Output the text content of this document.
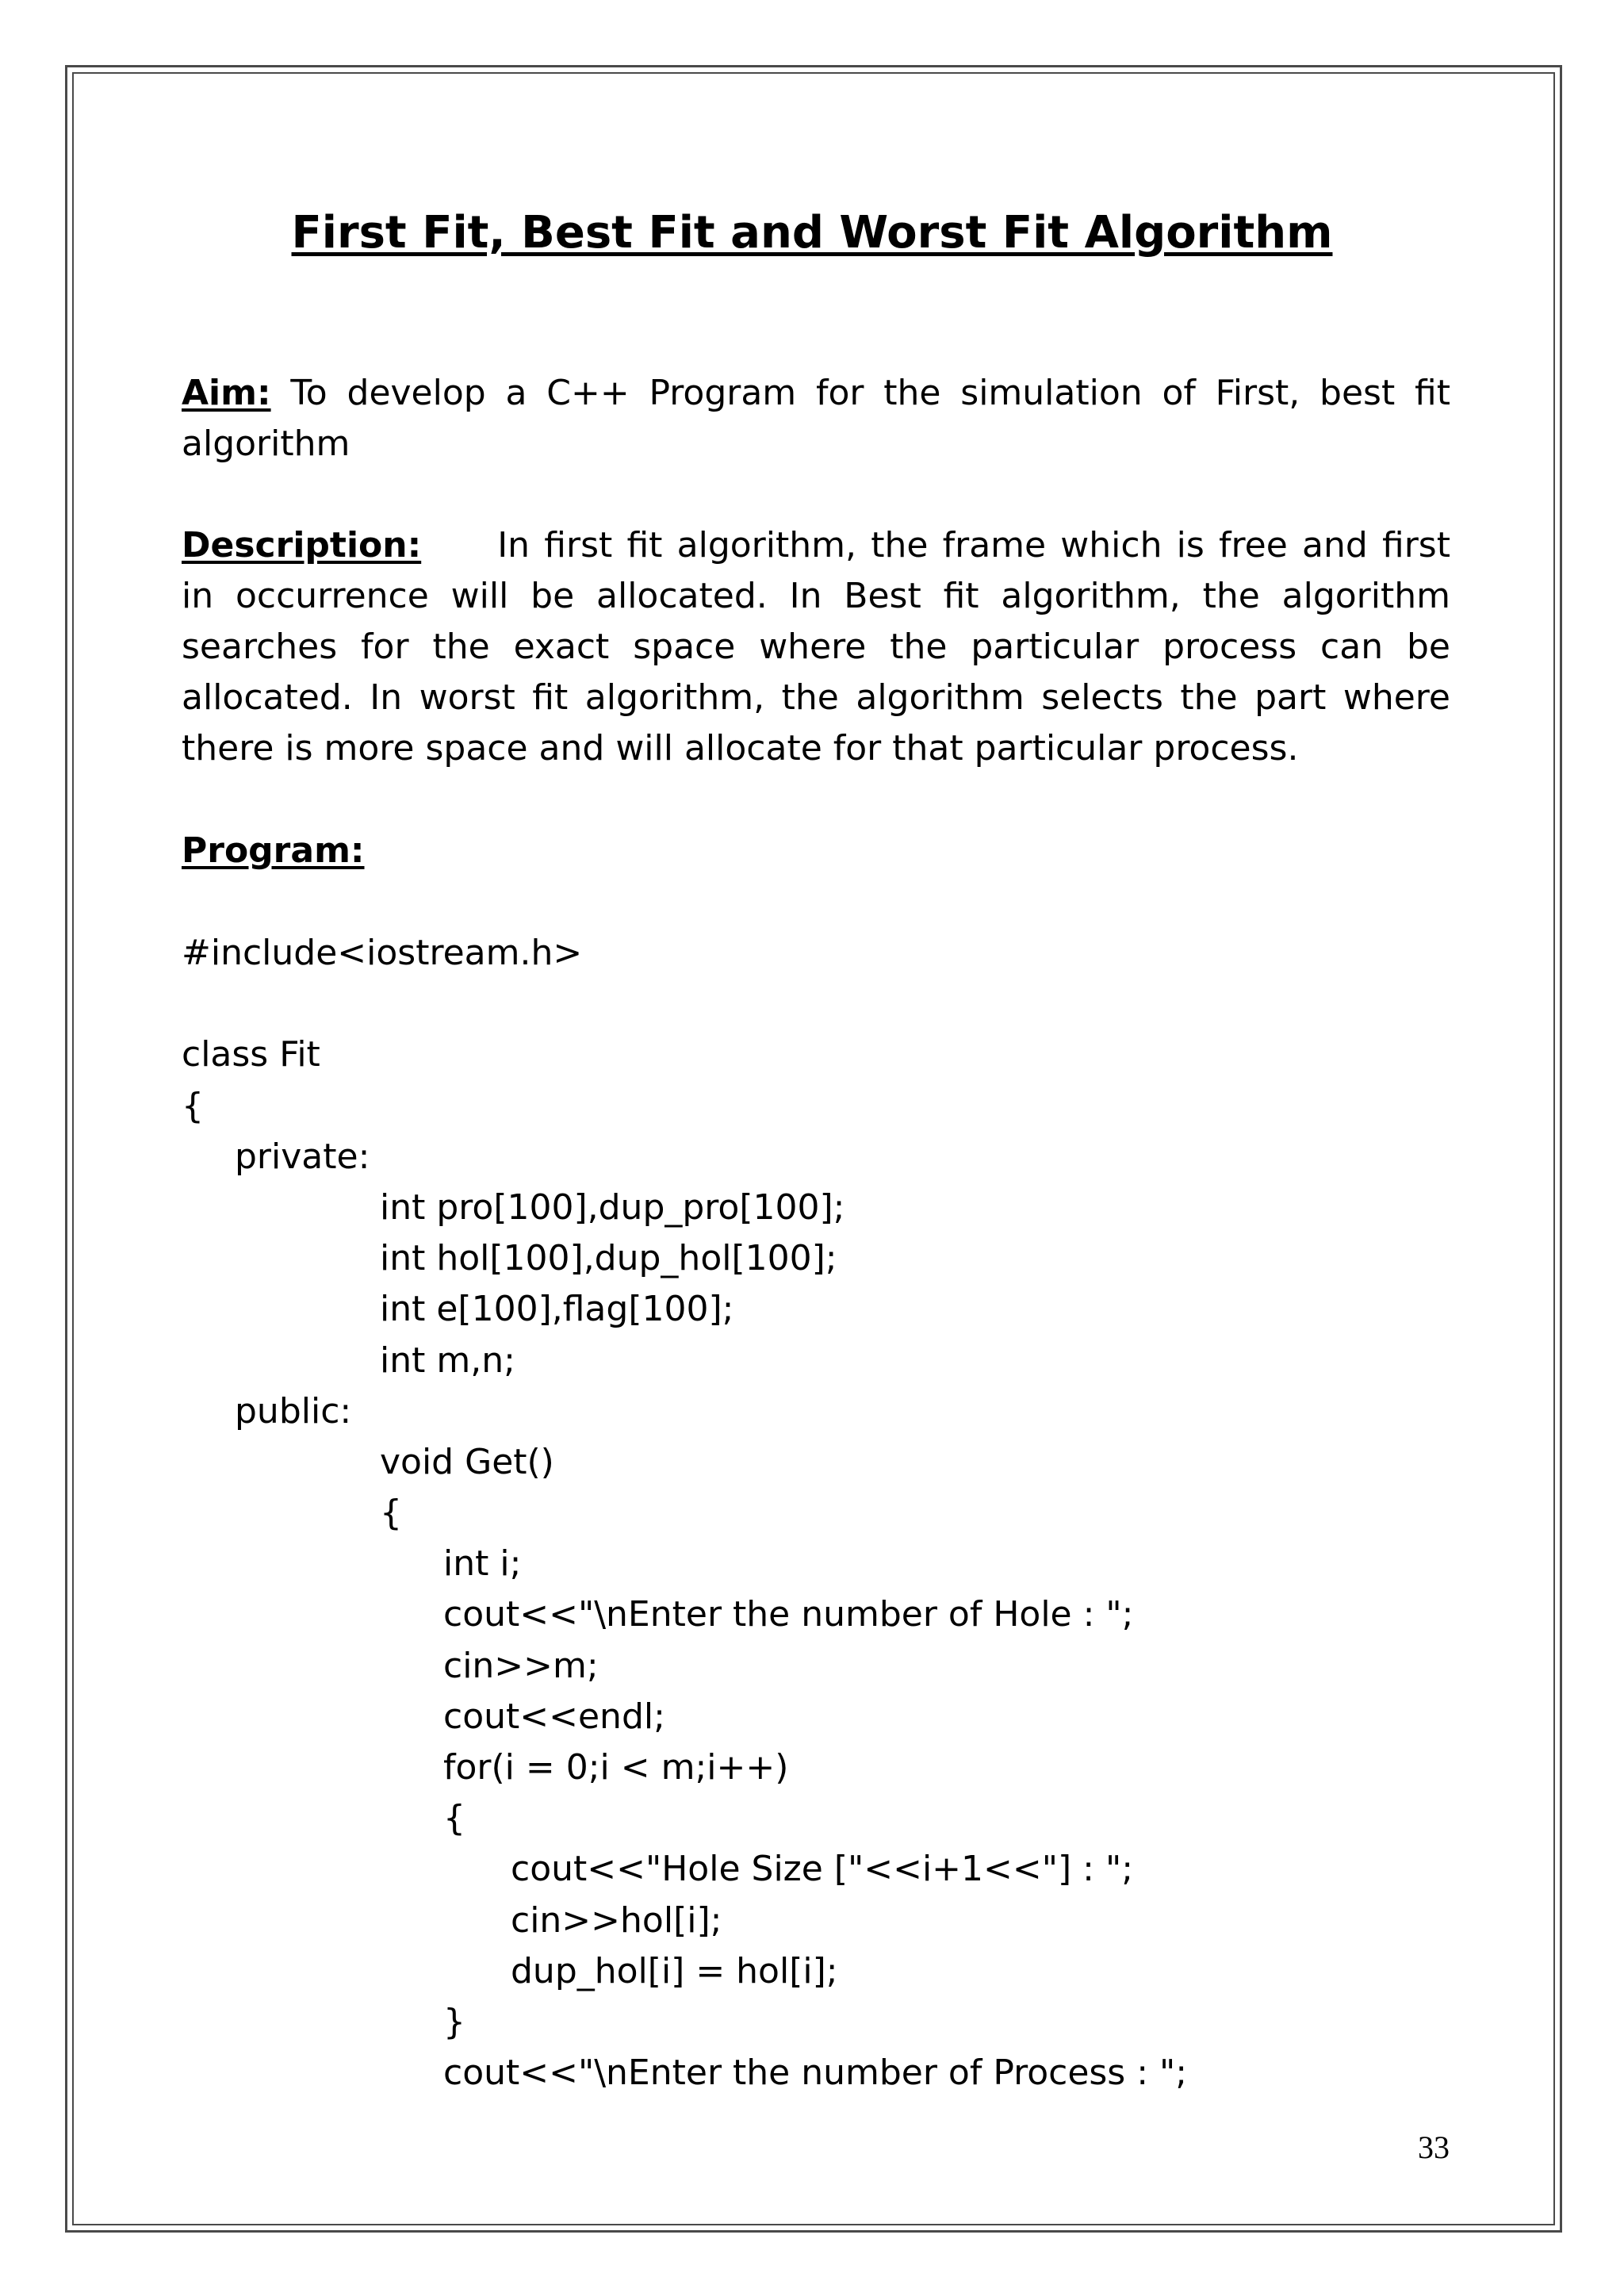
First Fit, Best Fit and Worst Fit Algorithm

Aim: To develop a C++ Program for the simulation of First, best fit algorithm

Description: In first fit algorithm, the frame which is free and first in occurrence will be allocated. In Best fit algorithm, the algorithm searches for the exact space where the particular process can be allocated. In worst fit algorithm, the algorithm selects the part where there is more space and will allocate for that particular process.

Program:

#include<iostream.h>
class Fit
{
private:
int pro[100],dup_pro[100];
int hol[100],dup_hol[100];
int e[100],flag[100];
int m,n;
public:
void Get()
{
int i;
cout<<"\nEnter the number of Hole : ";
cin>>m;
cout<<endl;
for(i = 0;i < m;i++)
{
cout<<"Hole Size ["<<i+1<<"] : ";
cin>>hol[i];
dup_hol[i] = hol[i];
}
cout<<"\nEnter the number of Process : ";

33
